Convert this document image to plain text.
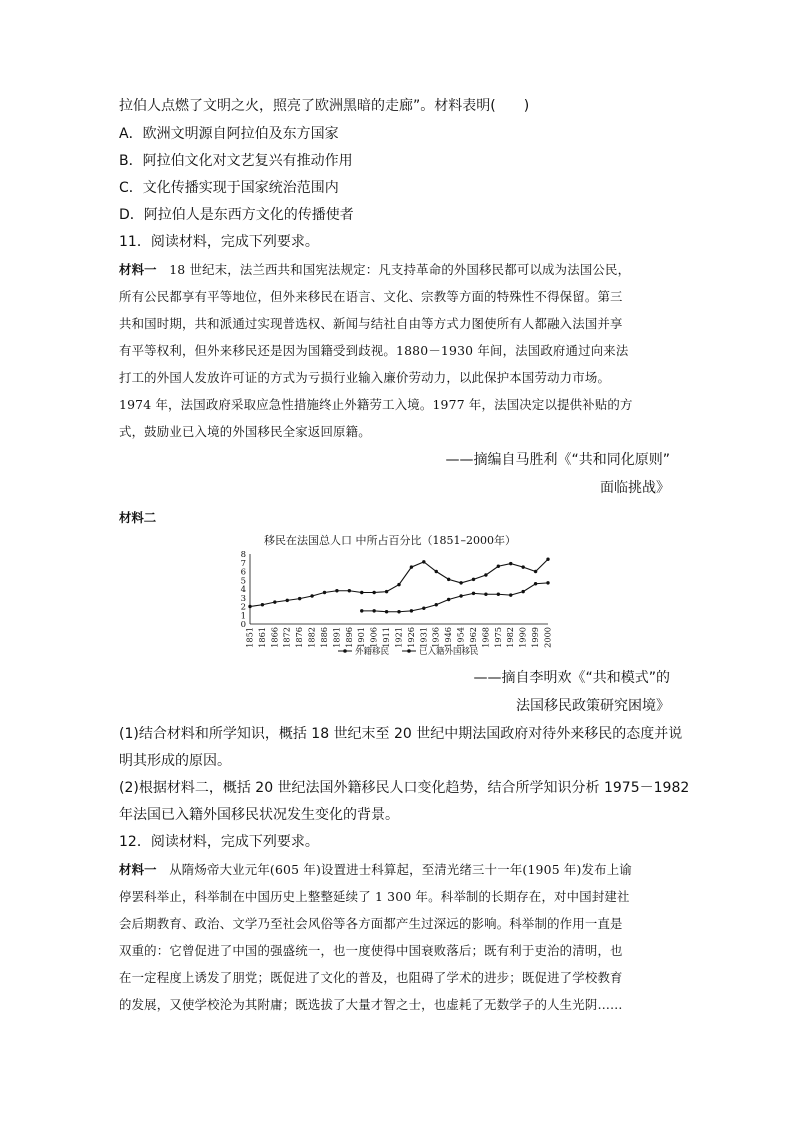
拉伯人点燃了文明之火，照亮了欧洲黑暗的走廊”。材料表明(　　)
A．欧洲文明源自阿拉伯及东方国家
B．阿拉伯文化对文艺复兴有推动作用
C．文化传播实现于国家统治范围内
D．阿拉伯人是东西方文化的传播使者
11．阅读材料，完成下列要求。
材料一 18 世纪末，法兰西共和国宪法规定：凡支持革命的外国移民都可以成为法国公民，
所有公民都享有平等地位，但外来移民在语言、文化、宗教等方面的特殊性不得保留。第三
共和国时期，共和派通过实现普选权、新闻与结社自由等方式力图使所有人都融入法国并享
有平等权利，但外来移民还是因为国籍受到歧视。1880－1930 年间，法国政府通过向来法
打工的外国人发放许可证的方式为亏损行业输入廉价劳动力，以此保护本国劳动力市场。
1974 年，法国政府采取应急性措施终止外籍劳工入境。1977 年，法国决定以提供补贴的方
式，鼓励业已入境的外国移民全家返回原籍。
——摘编自马胜利《“共和同化原则”
面临挑战》
材料二
移民在法国总人口 中所占百分比（1851–2000年）
0
1
2
3
4
5
6
7
8
1851 1861 1866 1872 1876 1882 1886 1891 1896 1901 1906 1911 1921 1926 1931 1936 1946 1954 1962 1968 1975 1982 1990 1999 2000
外籍移民	已入籍外国移民
——摘自李明欢《“共和模式”的
法国移民政策研究困境》
(1)结合材料和所学知识，概括 18 世纪末至 20 世纪中期法国政府对待外来移民的态度并说
明其形成的原因。
(2)根据材料二，概括 20 世纪法国外籍移民人口变化趋势，结合所学知识分析 1975－1982
年法国已入籍外国移民状况发生变化的背景。
12．阅读材料，完成下列要求。
材料一 从隋炀帝大业元年(605 年)设置进士科算起，至清光绪三十一年(1905 年)发布上谕
停罢科举止，科举制在中国历史上整整延续了 1 300 年。科举制的长期存在，对中国封建社
会后期教育、政治、文学乃至社会风俗等各方面都产生过深远的影响。科举制的作用一直是
双重的：它曾促进了中国的强盛统一，也一度使得中国衰败落后；既有利于吏治的清明，也
在一定程度上诱发了朋党；既促进了文化的普及，也阻碍了学术的进步；既促进了学校教育
的发展，又使学校沦为其附庸；既选拔了大量才智之士，也虚耗了无数学子的人生光阴……
